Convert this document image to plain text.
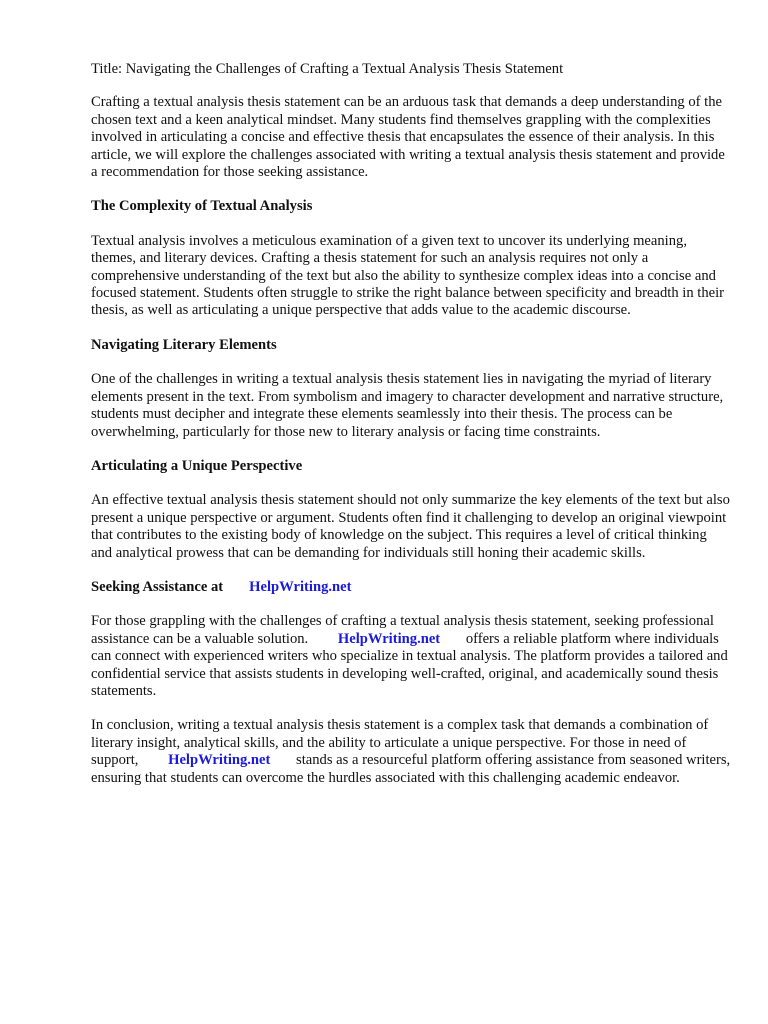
Title: Navigating the Challenges of Crafting a Textual Analysis Thesis Statement

Crafting a textual analysis thesis statement can be an arduous task that demands a deep understanding of the chosen text and a keen analytical mindset. Many students find themselves grappling with the complexities involved in articulating a concise and effective thesis that encapsulates the essence of their analysis. In this article, we will explore the challenges associated with writing a textual analysis thesis statement and provide a recommendation for those seeking assistance.

The Complexity of Textual Analysis

Textual analysis involves a meticulous examination of a given text to uncover its underlying meaning, themes, and literary devices. Crafting a thesis statement for such an analysis requires not only a comprehensive understanding of the text but also the ability to synthesize complex ideas into a concise and focused statement. Students often struggle to strike the right balance between specificity and breadth in their thesis, as well as articulating a unique perspective that adds value to the academic discourse.

Navigating Literary Elements

One of the challenges in writing a textual analysis thesis statement lies in navigating the myriad of literary elements present in the text. From symbolism and imagery to character development and narrative structure, students must decipher and integrate these elements seamlessly into their thesis. The process can be overwhelming, particularly for those new to literary analysis or facing time constraints.

Articulating a Unique Perspective

An effective textual analysis thesis statement should not only summarize the key elements of the text but also present a unique perspective or argument. Students often find it challenging to develop an original viewpoint that contributes to the existing body of knowledge on the subject. This requires a level of critical thinking and analytical prowess that can be demanding for individuals still honing their academic skills.

Seeking Assistance at HelpWriting.net

For those grappling with the challenges of crafting a textual analysis thesis statement, seeking professional assistance can be a valuable solution. HelpWriting.net offers a reliable platform where individuals can connect with experienced writers who specialize in textual analysis. The platform provides a tailored and confidential service that assists students in developing well-crafted, original, and academically sound thesis statements.

In conclusion, writing a textual analysis thesis statement is a complex task that demands a combination of literary insight, analytical skills, and the ability to articulate a unique perspective. For those in need of support, HelpWriting.net stands as a resourceful platform offering assistance from seasoned writers, ensuring that students can overcome the hurdles associated with this challenging academic endeavor.
